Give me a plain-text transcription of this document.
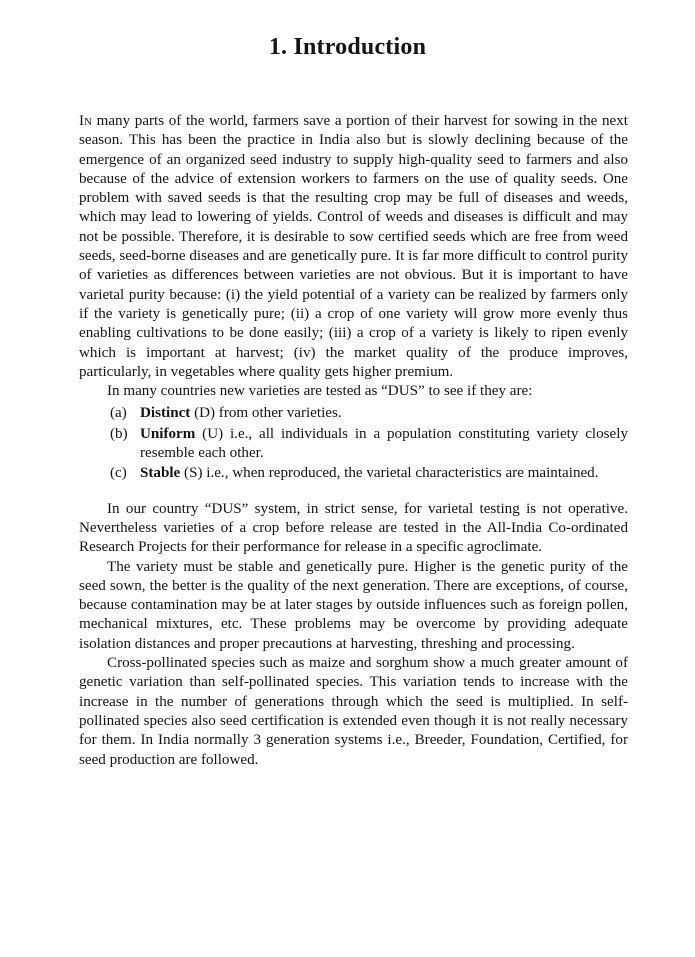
1. Introduction

In many parts of the world, farmers save a portion of their harvest for sowing in the next season. This has been the practice in India also but is slowly declining because of the emergence of an organized seed industry to supply high-quality seed to farmers and also because of the advice of extension workers to farmers on the use of quality seeds. One problem with saved seeds is that the resulting crop may be full of diseases and weeds, which may lead to lowering of yields. Control of weeds and diseases is difficult and may not be possible. Therefore, it is desirable to sow certified seeds which are free from weed seeds, seed-borne diseases and are genetically pure. It is far more difficult to control purity of varieties as differences between varieties are not obvious. But it is important to have varietal purity because: (i) the yield potential of a variety can be realized by farmers only if the variety is genetically pure; (ii) a crop of one variety will grow more evenly thus enabling cultivations to be done easily; (iii) a crop of a variety is likely to ripen evenly which is important at harvest; (iv) the market quality of the produce improves, particularly, in vegetables where quality gets higher premium.

In many countries new varieties are tested as “DUS” to see if they are:

(a) Distinct (D) from other varieties.
(b) Uniform (U) i.e., all individuals in a population constituting variety closely resemble each other.
(c) Stable (S) i.e., when reproduced, the varietal characteristics are maintained.

In our country “DUS” system, in strict sense, for varietal testing is not operative. Nevertheless varieties of a crop before release are tested in the All-India Co-ordinated Research Projects for their performance for release in a specific agroclimate.

The variety must be stable and genetically pure. Higher is the genetic purity of the seed sown, the better is the quality of the next generation. There are exceptions, of course, because contamination may be at later stages by outside influences such as foreign pollen, mechanical mixtures, etc. These problems may be overcome by providing adequate isolation distances and proper precautions at harvesting, threshing and processing.

Cross-pollinated species such as maize and sorghum show a much greater amount of genetic variation than self-pollinated species. This variation tends to increase with the increase in the number of generations through which the seed is multiplied. In self- pollinated species also seed certification is extended even though it is not really necessary for them. In India normally 3 generation systems i.e., Breeder, Foundation, Certified, for seed production are followed.
